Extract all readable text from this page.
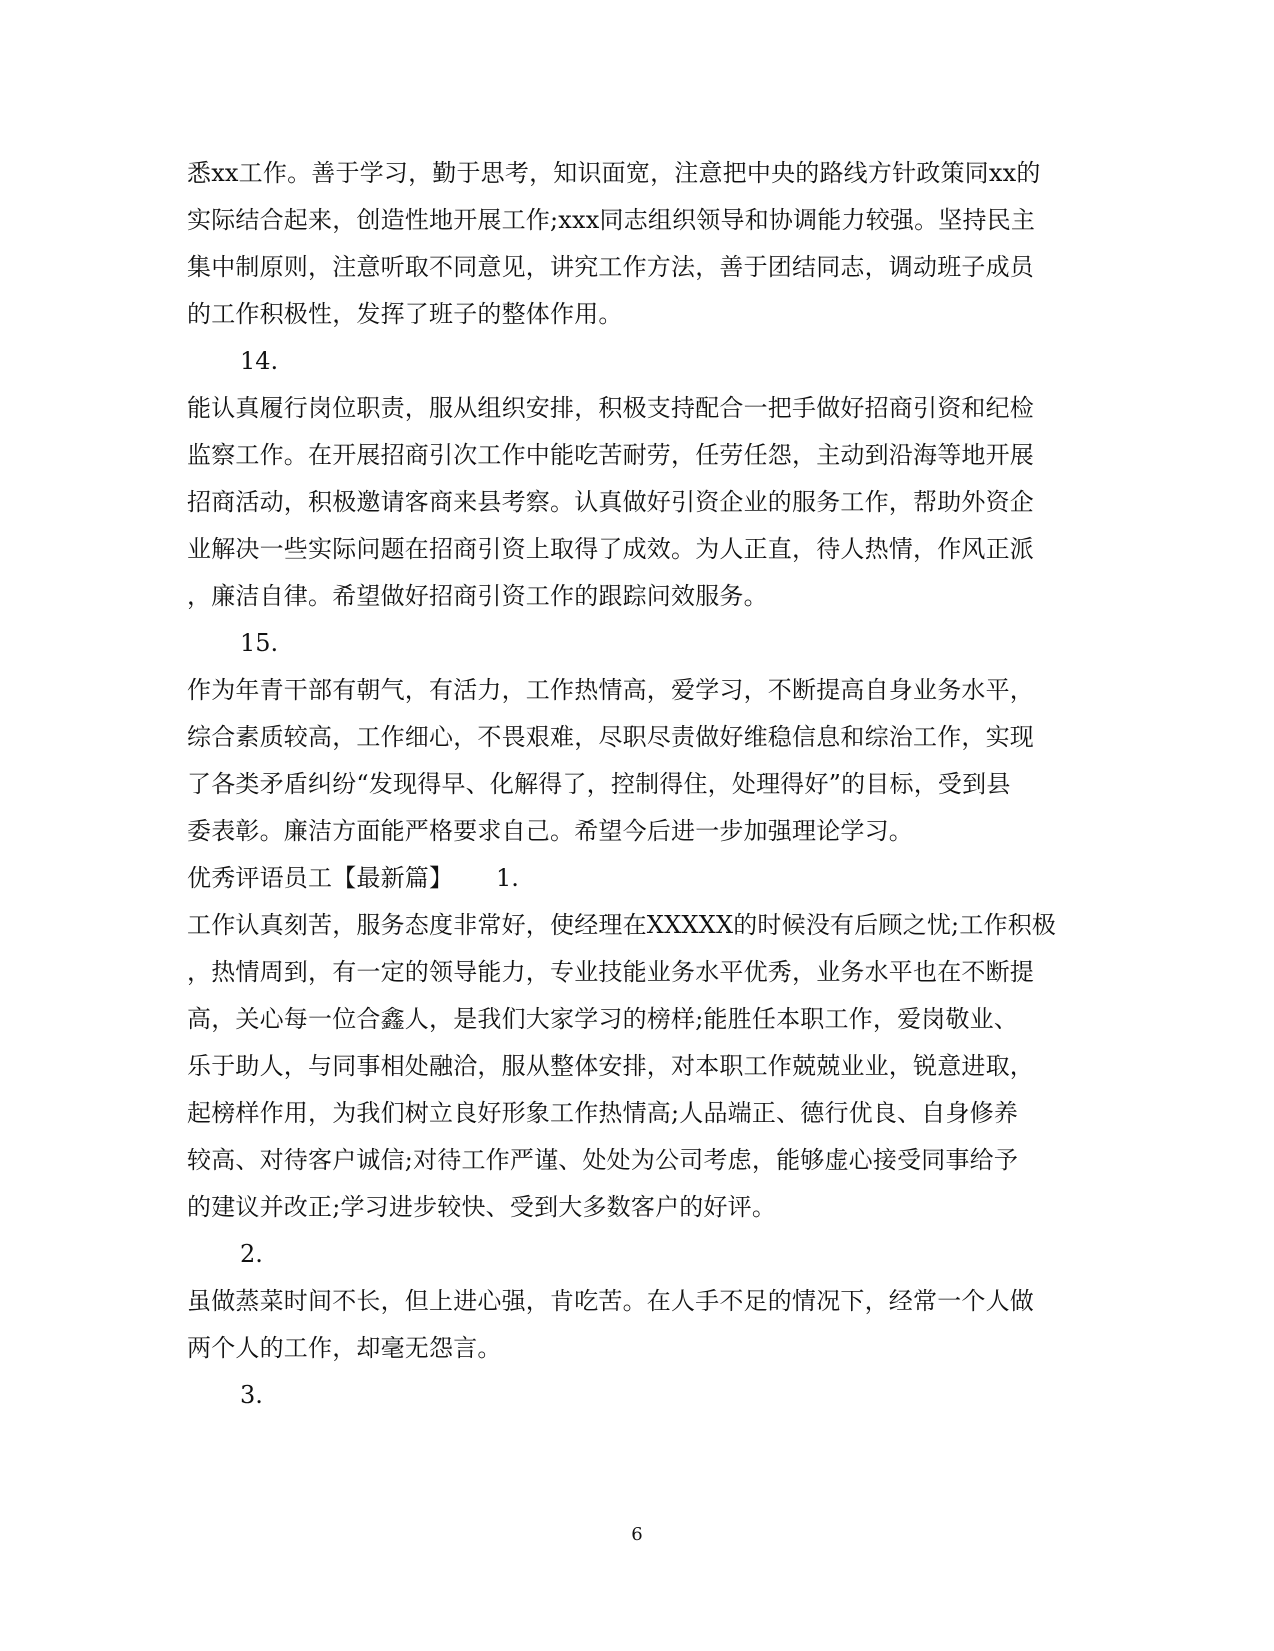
悉xx工作。善于学习，勤于思考，知识面宽，注意把中央的路线方针政策同xx的
实际结合起来，创造性地开展工作;xxx同志组织领导和协调能力较强。坚持民主
集中制原则，注意听取不同意见，讲究工作方法，善于团结同志，调动班子成员
的工作积极性，发挥了班子的整体作用。
14.
能认真履行岗位职责，服从组织安排，积极支持配合一把手做好招商引资和纪检
监察工作。在开展招商引次工作中能吃苦耐劳，任劳任怨，主动到沿海等地开展
招商活动，积极邀请客商来县考察。认真做好引资企业的服务工作，帮助外资企
业解决一些实际问题在招商引资上取得了成效。为人正直，待人热情，作风正派
，廉洁自律。希望做好招商引资工作的跟踪问效服务。
15.
作为年青干部有朝气，有活力，工作热情高，爱学习，不断提高自身业务水平，
综合素质较高，工作细心，不畏艰难，尽职尽责做好维稳信息和综治工作，实现
了各类矛盾纠纷“发现得早、化解得了，控制得住，处理得好”的目标，受到县
委表彰。廉洁方面能严格要求自己。希望今后进一步加强理论学习。
优秀评语员工【最新篇】	1.
工作认真刻苦，服务态度非常好，使经理在XXXXX的时候没有后顾之忧;工作积极
，热情周到，有一定的领导能力，专业技能业务水平优秀，业务水平也在不断提
高，关心每一位合鑫人，是我们大家学习的榜样;能胜任本职工作，爱岗敬业、
乐于助人，与同事相处融洽，服从整体安排，对本职工作兢兢业业，锐意进取，
起榜样作用，为我们树立良好形象工作热情高;人品端正、德行优良、自身修养
较高、对待客户诚信;对待工作严谨、处处为公司考虑，能够虚心接受同事给予
的建议并改正;学习进步较快、受到大多数客户的好评。
2.
虽做蒸菜时间不长，但上进心强，肯吃苦。在人手不足的情况下，经常一个人做
两个人的工作，却毫无怨言。
3.
6
